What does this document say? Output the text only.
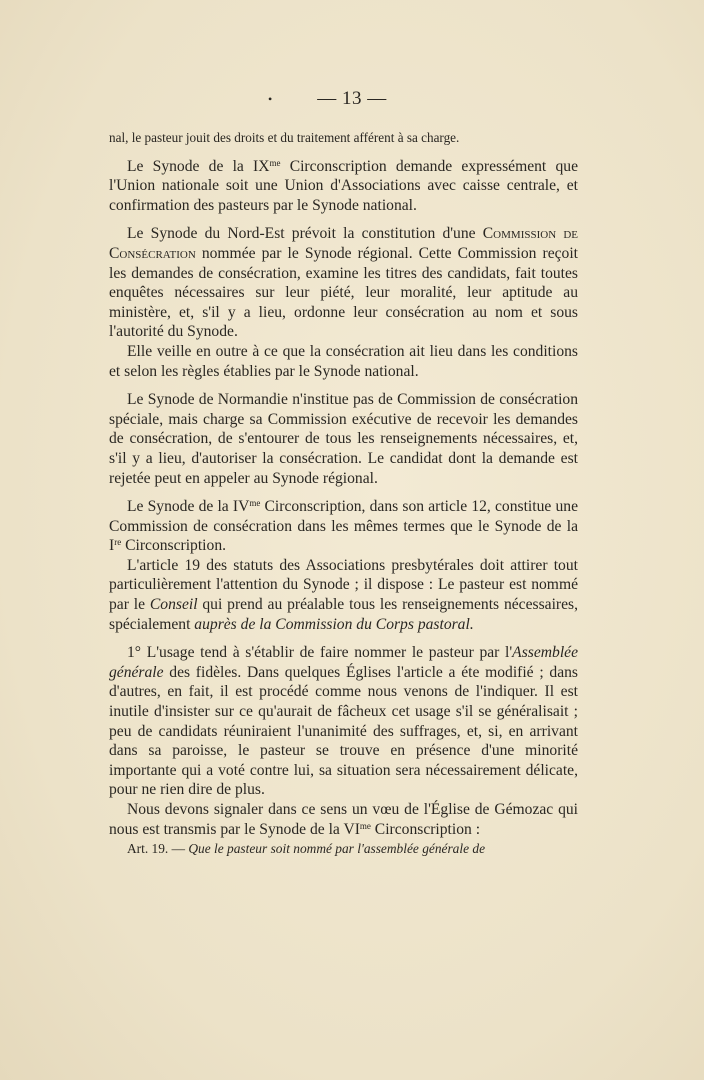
•	— 13 —

nal, le pasteur jouit des droits et du traitement afférent à sa charge.

Le Synode de la $IX^{me}$ Circonscription demande expressément que l'Union nationale soit une Union d'Associations avec caisse centrale, et confirmation des pasteurs par le Synode national.

Le Synode du Nord-Est prévoit la constitution d'une Commission de Consécration nommée par le Synode régional. Cette Commission reçoit les demandes de consécration, examine les titres des candidats, fait toutes enquêtes nécessaires sur leur piété, leur moralité, leur aptitude au ministère, et, s'il y a lieu, ordonne leur consécration au nom et sous l'autorité du Synode.

Elle veille en outre à ce que la consécration ait lieu dans les conditions et selon les règles établies par le Synode national.

Le Synode de Normandie n'institue pas de Commission de consécration spéciale, mais charge sa Commission exécutive de recevoir les demandes de consécration, de s'entourer de tous les renseignements nécessaires, et, s'il y a lieu, d'autoriser la consécration. Le candidat dont la demande est rejetée peut en appeler au Synode régional.

Le Synode de la $IV^{me}$ Circonscription, dans son article 12, constitue une Commission de consécration dans les mêmes termes que le Synode de la Ire Circonscription.

L'article 19 des statuts des Associations presbytérales doit attirer tout particulièrement l'attention du Synode ; il dispose : Le pasteur est nommé par le Conseil qui prend au préalable tous les renseignements nécessaires, spécialement auprès de la Commission du Corps pastoral.

1° L'usage tend à s'établir de faire nommer le pasteur par l'Assemblée générale des fidèles. Dans quelques Églises l'article a éte modifié ; dans d'autres, en fait, il est procédé comme nous venons de l'indiquer. Il est inutile d'insister sur ce qu'aurait de fâcheux cet usage s'il se généralisait ; peu de candidats réuniraient l'unanimité des suffrages, et, si, en arrivant dans sa paroisse, le pasteur se trouve en présence d'une minorité importante qui a voté contre lui, sa situation sera nécessairement délicate, pour ne rien dire de plus.

Nous devons signaler dans ce sens un vœu de l'Église de Gémozac qui nous est transmis par le Synode de la $VI^{me}$ Circonscription :

Art. 19. — Que le pasteur soit nommé par l'assemblée générale de
